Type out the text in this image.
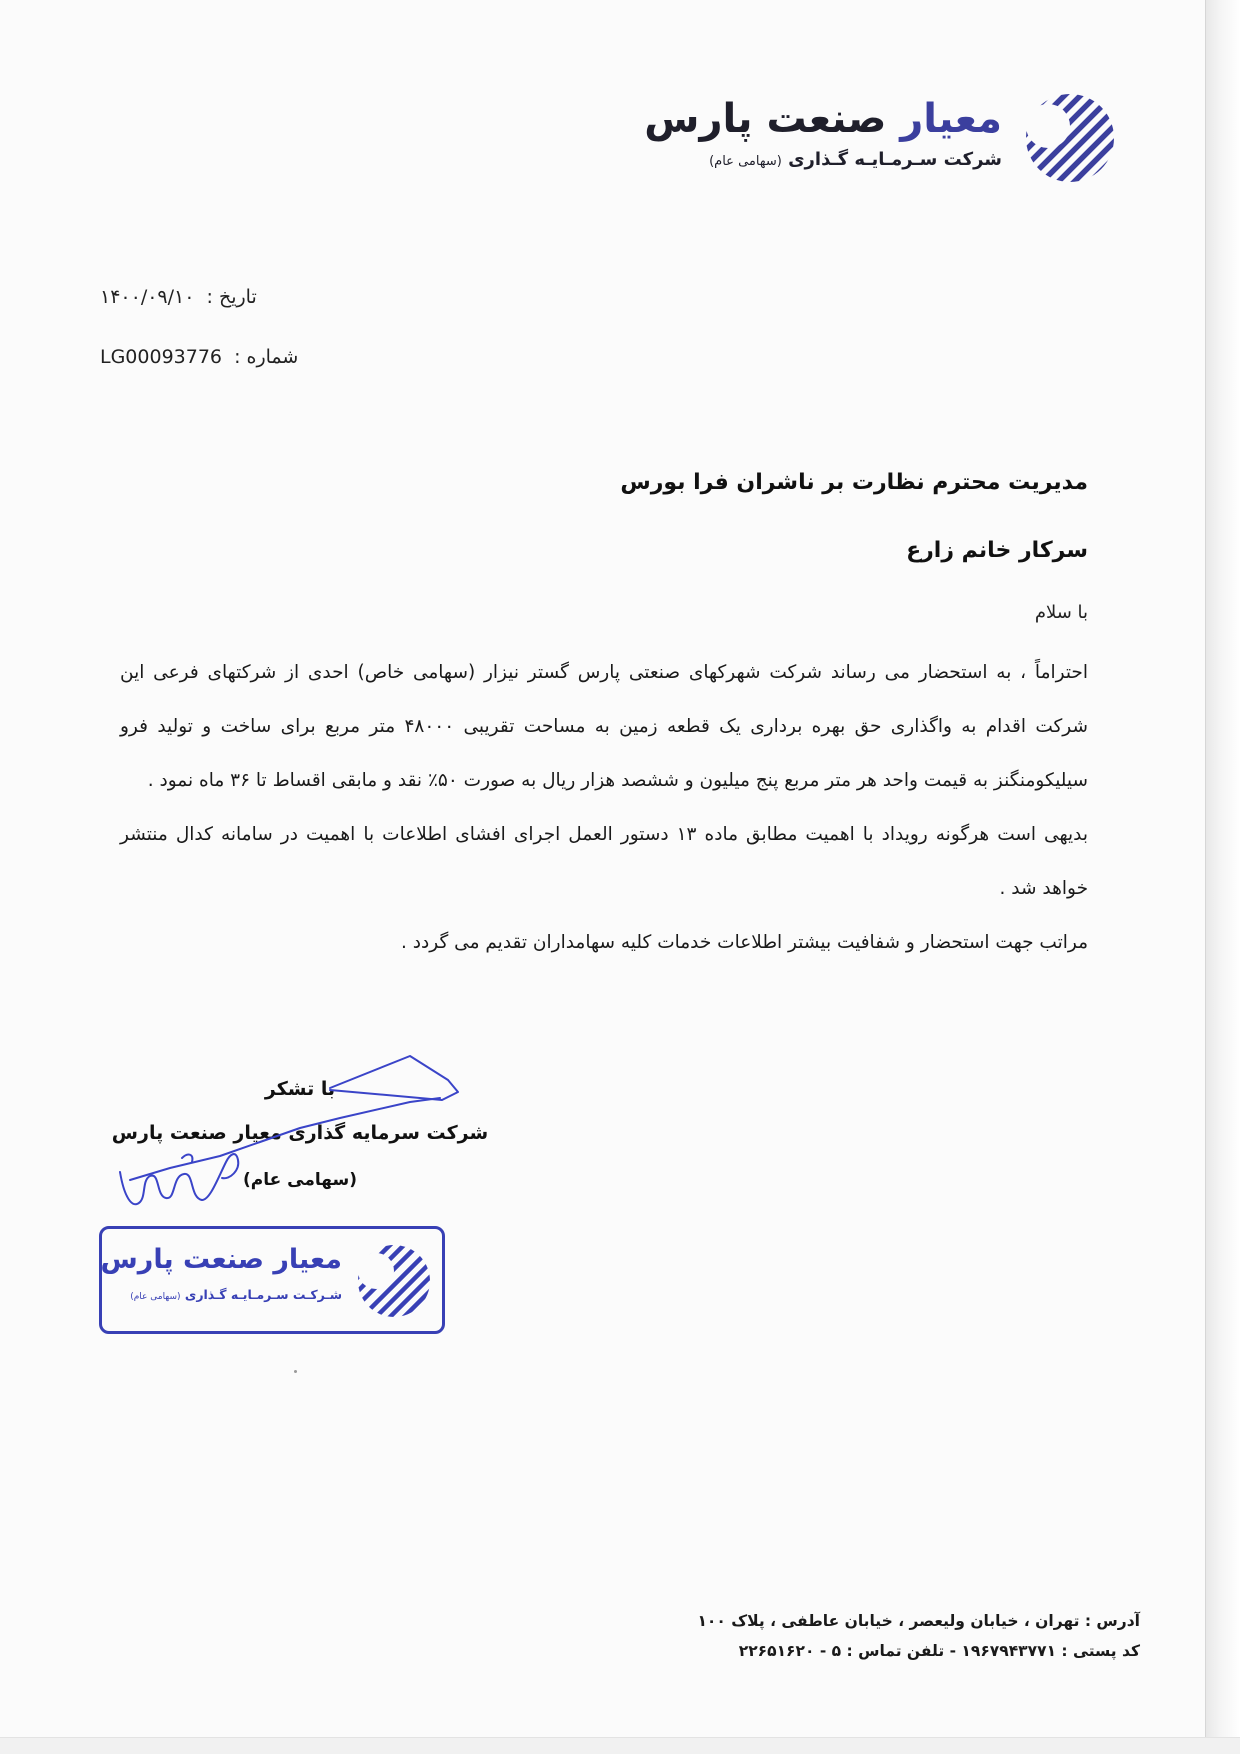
معیار صنعت پارس
شرکت سـرمـایـه گـذاری (سهامی عام)
تاریخ : ۱۴۰۰/۰۹/۱۰
شماره : LG00093776
مدیریت محترم نظارت بر ناشران فرا بورس
سرکار خانم زارع
با سلام

احتراماً ، به استحضار می رساند شرکت شهرکهای صنعتی پارس گستر نیزار (سهامی خاص) احدی از شرکتهای فرعی این شرکت اقدام به واگذاری حق بهره برداری یک قطعه زمین به مساحت تقریبی ۴۸۰۰۰ متر مربع برای ساخت و تولید فرو سیلیکومنگنز به قیمت واحد هر متر مربع پنج میلیون و ششصد هزار ریال به صورت ۵۰٪ نقد و مابقی اقساط تا ۳۶ ماه نمود .

بدیهی است هرگونه رویداد با اهمیت مطابق ماده ۱۳ دستور العمل اجرای افشای اطلاعات با اهمیت در سامانه کدال منتشر خواهد شد .

مراتب جهت استحضار و شفافیت بیشتر اطلاعات خدمات کلیه سهامداران تقدیم می گردد .

با تشکر
شرکت سرمایه گذاری معیار صنعت پارس
(سهامی عام)
معیار صنعت پارس
شـرکـت سـرمـایـه گـذاری (سهامی عام)
آدرس : تهران ، خیابان ولیعصر ، خیابان عاطفی ، پلاک ۱۰۰
کد پستی : ۱۹۶۷۹۴۳۷۷۱ - تلفن تماس : ۵ - ۲۲۶۵۱۶۲۰
